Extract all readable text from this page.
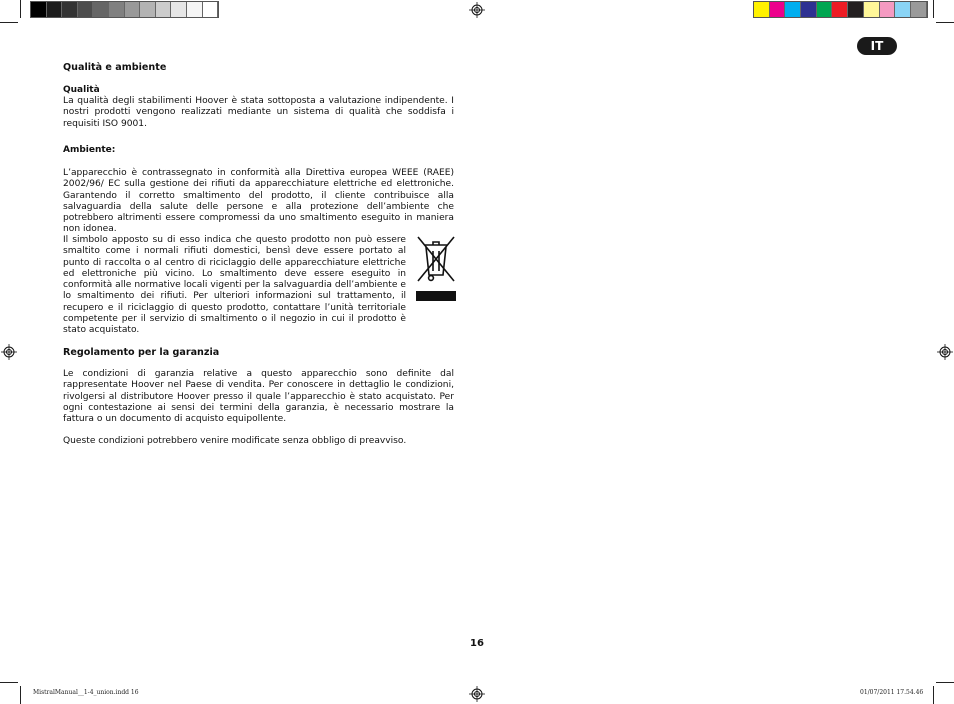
IT
Qualità e ambiente
Qualità
La qualità degli stabilimenti Hoover è stata sottoposta a valutazione indipendente. I nostri prodotti vengono realizzati mediante un sistema di qualità che soddisfa i requisiti ISO 9001.
Ambiente:
L’apparecchio è contrassegnato in conformità alla Direttiva europea WEEE (RAEE) 2002/96/ EC sulla gestione dei rifiuti da apparecchiature elettriche ed elettroniche. Garantendo il corretto smaltimento del prodotto, il cliente contribuisce alla salvaguardia della salute delle persone e alla protezione dell’ambiente che potrebbero altrimenti essere compromessi da uno smaltimento eseguito in maniera non idonea.
Il simbolo apposto su di esso indica che questo prodotto non può essere smaltito come i normali rifiuti domestici, bensì deve essere portato al punto di raccolta o al centro di riciclaggio delle apparecchiature elettriche ed elettroniche più vicino. Lo smaltimento deve essere eseguito in conformità alle normative locali vigenti per la salvaguardia dell’ambiente e lo smaltimento dei rifiuti. Per ulteriori informazioni sul trattamento, il recupero e il riciclaggio di questo prodotto, contattare l’unità territoriale competente per il servizio di smaltimento o il negozio in cui il prodotto è stato acquistato.
Regolamento per la garanzia
Le condizioni di garanzia relative a questo apparecchio sono definite dal rappresentate Hoover nel Paese di vendita. Per conoscere in dettaglio le condizioni, rivolgersi al distributore Hoover presso il quale l’apparecchio è stato acquistato. Per ogni contestazione ai sensi dei termini della garanzia, è necessario mostrare la fattura o un documento di acquisto equipollente.
Queste condizioni potrebbero venire modificate senza obbligo di preavviso.
16
MistralManual__1-4_union.indd 16	01/07/2011 17.54.46
